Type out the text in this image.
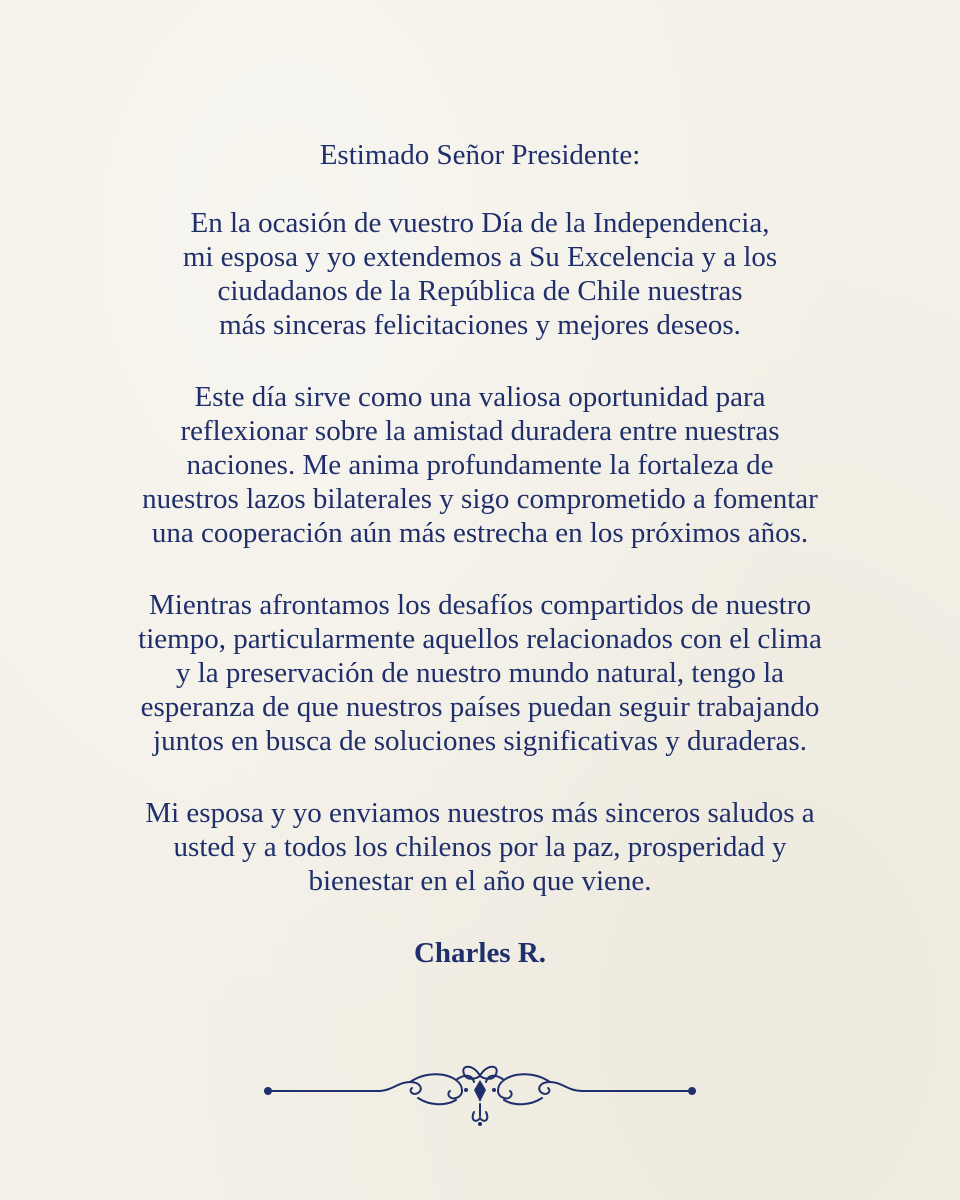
Estimado Señor Presidente:

En la ocasión de vuestro Día de la Independencia,
mi esposa y yo extendemos a Su Excelencia y a los
ciudadanos de la República de Chile nuestras
más sinceras felicitaciones y mejores deseos.

Este día sirve como una valiosa oportunidad para
reflexionar sobre la amistad duradera entre nuestras
naciones. Me anima profundamente la fortaleza de
nuestros lazos bilaterales y sigo comprometido a fomentar
una cooperación aún más estrecha en los próximos años.

Mientras afrontamos los desafíos compartidos de nuestro
tiempo, particularmente aquellos relacionados con el clima
y la preservación de nuestro mundo natural, tengo la
esperanza de que nuestros países puedan seguir trabajando
juntos en busca de soluciones significativas y duraderas.

Mi esposa y yo enviamos nuestros más sinceros saludos a
usted y a todos los chilenos por la paz, prosperidad y
bienestar en el año que viene.

Charles R.
